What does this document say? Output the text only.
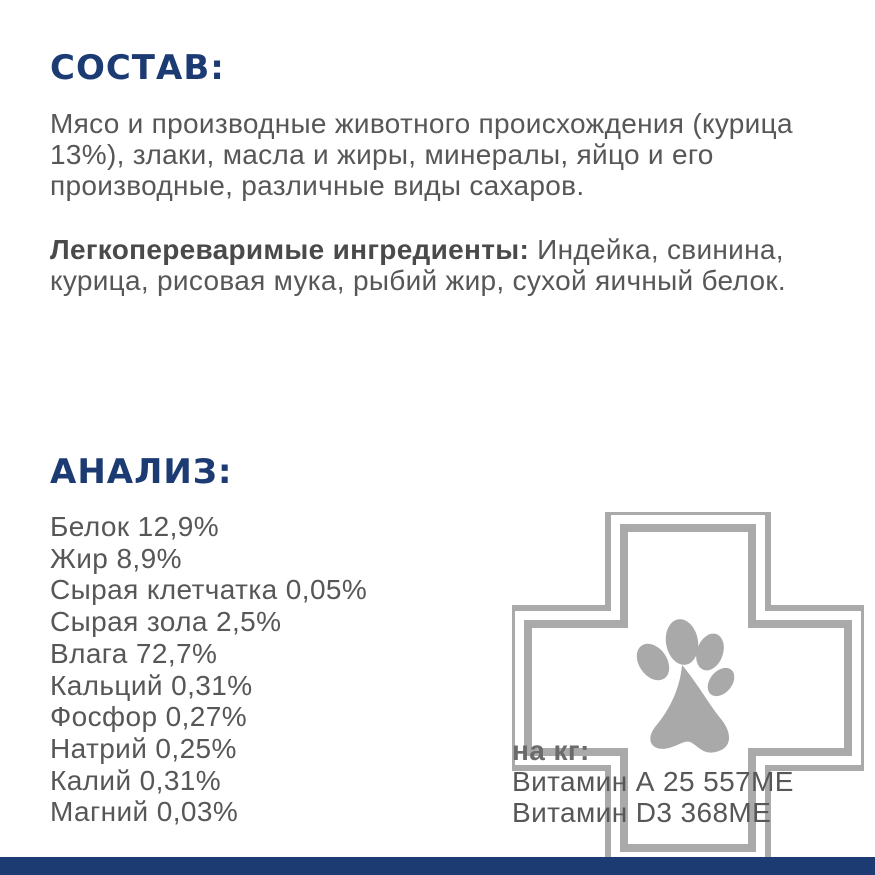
СОСТАВ:

Мясо и производные животного происхождения (курица 13%), злаки, масла и жиры, минералы, яйцо и его производные, различные виды сахаров.

Легкопереваримые ингредиенты: Индейка, свинина, курица, рисовая мука, рыбий жир, сухой яичный белок.

АНАЛИЗ:
Белок 12,9%
Жир 8,9%
Сырая клетчатка 0,05%
Сырая зола 2,5%
Влага 72,7%
Кальций 0,31%
Фосфор 0,27%
Натрий 0,25%
Калий 0,31%
Магний 0,03%
на кг:
Витамин А 25 557МЕ
Витамин D3 368МЕ
